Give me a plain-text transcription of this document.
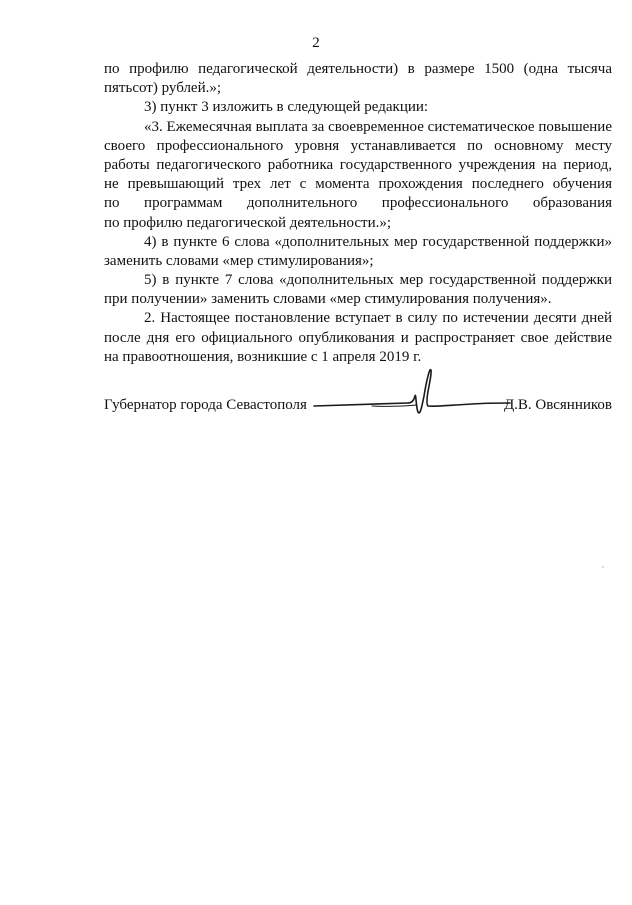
2
по профилю педагогической деятельности) в размере 1500 (одна тысяча
пятьсот) рублей.»;
3) пункт 3 изложить в следующей редакции:
«3. Ежемесячная выплата за своевременное систематическое повышение
своего профессионального уровня устанавливается по основному месту
работы педагогического работника государственного учреждения на период,
не превышающий трех лет с момента прохождения последнего обучения
по программам дополнительного профессионального образования
по профилю педагогической деятельности.»;
4) в пункте 6 слова «дополнительных мер государственной поддержки»
заменить словами «мер стимулирования»;
5) в пункте 7 слова «дополнительных мер государственной поддержки
при получении» заменить словами «мер стимулирования получения».
2. Настоящее постановление вступает в силу по истечении десяти дней
после дня его официального опубликования и распространяет свое действие
на правоотношения, возникшие с 1 апреля 2019 г.
Губернатор города Севастополя	Д.В. Овсянников
